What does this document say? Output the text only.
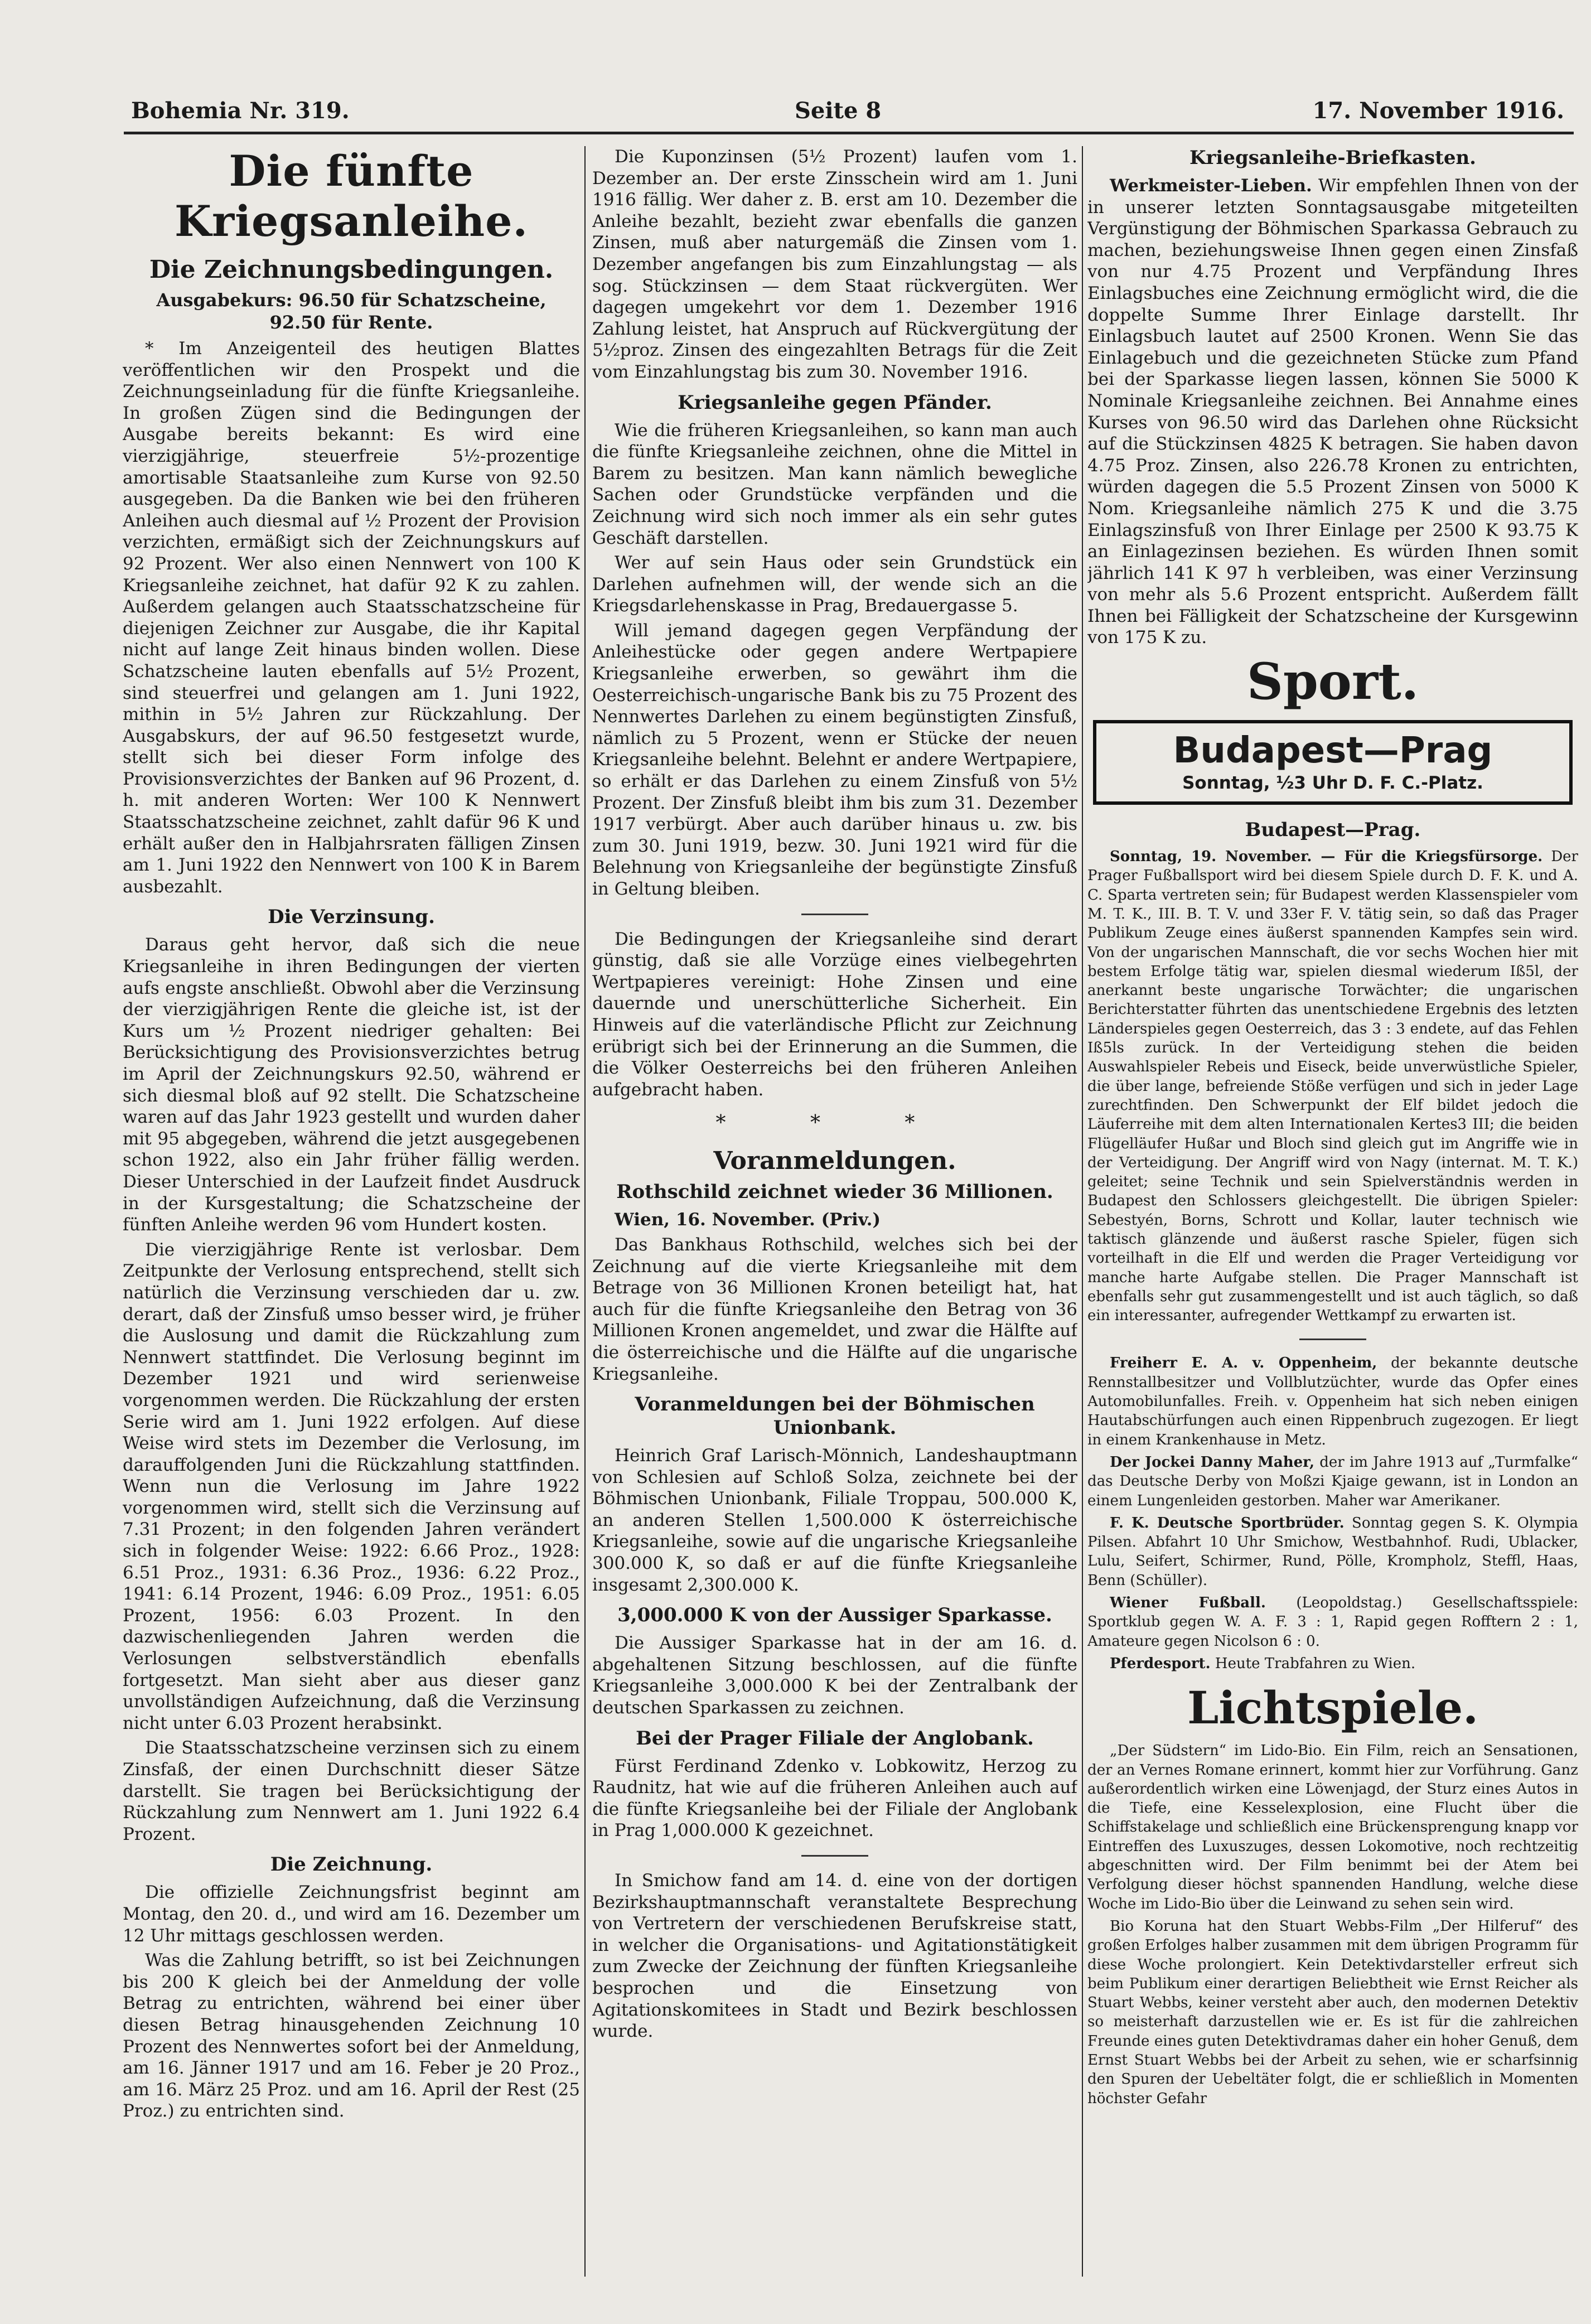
Bohemia Nr. 319.	Seite 8	17. November 1916.
Die fünfte Kriegsanleihe.
Die Zeichnungsbedingungen.
Ausgabekurs: 96.50 für Schatzscheine,
92.50 für Rente.

* Im Anzeigenteil des heutigen Blattes veröffentlichen wir den Prospekt und die Zeichnungseinladung für die fünfte Kriegsanleihe. In großen Zügen sind die Bedingungen der Ausgabe bereits bekannt: Es wird eine vierzigjährige, steuerfreie 5½-prozentige amortisable Staatsanleihe zum Kurse von 92.50 ausgegeben. Da die Banken wie bei den früheren Anleihen auch diesmal auf ½ Prozent der Provision verzichten, ermäßigt sich der Zeichnungskurs auf 92 Prozent. Wer also einen Nennwert von 100 K Kriegsanleihe zeichnet, hat dafür 92 K zu zahlen. Außerdem gelangen auch Staatsschatzscheine für diejenigen Zeichner zur Ausgabe, die ihr Kapital nicht auf lange Zeit hinaus binden wollen. Diese Schatzscheine lauten ebenfalls auf 5½ Prozent, sind steuerfrei und gelangen am 1. Juni 1922, mithin in 5½ Jahren zur Rückzahlung. Der Ausgabskurs, der auf 96.50 festgesetzt wurde, stellt sich bei dieser Form infolge des Provisionsverzichtes der Banken auf 96 Prozent, d. h. mit anderen Worten: Wer 100 K Nennwert Staatsschatzscheine zeichnet, zahlt dafür 96 K und erhält außer den in Halbjahrsraten fälligen Zinsen am 1. Juni 1922 den Nennwert von 100 K in Barem ausbezahlt.

Die Verzinsung.

Daraus geht hervor, daß sich die neue Kriegsanleihe in ihren Bedingungen der vierten aufs engste anschließt. Obwohl aber die Verzinsung der vierzigjährigen Rente die gleiche ist, ist der Kurs um ½ Prozent niedriger gehalten: Bei Berücksichtigung des Provisionsverzichtes betrug im April der Zeichnungskurs 92.50, während er sich diesmal bloß auf 92 stellt. Die Schatzscheine waren auf das Jahr 1923 gestellt und wurden daher mit 95 abgegeben, während die jetzt ausgegebenen schon 1922, also ein Jahr früher fällig werden. Dieser Unterschied in der Laufzeit findet Ausdruck in der Kursgestaltung; die Schatzscheine der fünften Anleihe werden 96 vom Hundert kosten.

Die vierzigjährige Rente ist verlosbar. Dem Zeitpunkte der Verlosung entsprechend, stellt sich natürlich die Verzinsung verschieden dar u. zw. derart, daß der Zinsfuß umso besser wird, je früher die Auslosung und damit die Rückzahlung zum Nennwert stattfindet. Die Verlosung beginnt im Dezember 1921 und wird serienweise vorgenommen werden. Die Rückzahlung der ersten Serie wird am 1. Juni 1922 erfolgen. Auf diese Weise wird stets im Dezember die Verlosung, im darauffolgenden Juni die Rückzahlung stattfinden. Wenn nun die Verlosung im Jahre 1922 vorgenommen wird, stellt sich die Verzinsung auf 7.31 Prozent; in den folgenden Jahren verändert sich in folgender Weise: 1922: 6.66 Proz., 1928: 6.51 Proz., 1931: 6.36 Proz., 1936: 6.22 Proz., 1941: 6.14 Prozent, 1946: 6.09 Proz., 1951: 6.05 Prozent, 1956: 6.03 Prozent. In den dazwischenliegenden Jahren werden die Verlosungen selbstverständlich ebenfalls fortgesetzt. Man sieht aber aus dieser ganz unvollständigen Aufzeichnung, daß die Verzinsung nicht unter 6.03 Prozent herabsinkt.

Die Staatsschatzscheine verzinsen sich zu einem Zinsfaß, der einen Durchschnitt dieser Sätze darstellt. Sie tragen bei Berücksichtigung der Rückzahlung zum Nennwert am 1. Juni 1922 6.4 Prozent.

Die Zeichnung.

Die offizielle Zeichnungsfrist beginnt am Montag, den 20. d., und wird am 16. Dezember um 12 Uhr mittags geschlossen werden.

Was die Zahlung betrifft, so ist bei Zeichnungen bis 200 K gleich bei der Anmeldung der volle Betrag zu entrichten, während bei einer über diesen Betrag hinausgehenden Zeichnung 10 Prozent des Nennwertes sofort bei der Anmeldung, am 16. Jänner 1917 und am 16. Feber je 20 Proz., am 16. März 25 Proz. und am 16. April der Rest (25 Proz.) zu entrichten sind.

Die Kuponzinsen (5½ Prozent) laufen vom 1. Dezember an. Der erste Zinsschein wird am 1. Juni 1916 fällig. Wer daher z. B. erst am 10. Dezember die Anleihe bezahlt, bezieht zwar ebenfalls die ganzen Zinsen, muß aber naturgemäß die Zinsen vom 1. Dezember angefangen bis zum Einzahlungstag — als sog. Stückzinsen — dem Staat rückvergüten. Wer dagegen umgekehrt vor dem 1. Dezember 1916 Zahlung leistet, hat Anspruch auf Rückvergütung der 5½proz. Zinsen des eingezahlten Betrags für die Zeit vom Einzahlungstag bis zum 30. November 1916.

Kriegsanleihe gegen Pfänder.

Wie die früheren Kriegsanleihen, so kann man auch die fünfte Kriegsanleihe zeichnen, ohne die Mittel in Barem zu besitzen. Man kann nämlich bewegliche Sachen oder Grundstücke verpfänden und die Zeichnung wird sich noch immer als ein sehr gutes Geschäft darstellen.

Wer auf sein Haus oder sein Grundstück ein Darlehen aufnehmen will, der wende sich an die Kriegsdarlehenskasse in Prag, Bredauergasse 5.

Will jemand dagegen gegen Verpfändung der Anleihestücke oder gegen andere Wertpapiere Kriegsanleihe erwerben, so gewährt ihm die Oesterreichisch-ungarische Bank bis zu 75 Prozent des Nennwertes Darlehen zu einem begünstigten Zinsfuß, nämlich zu 5 Prozent, wenn er Stücke der neuen Kriegsanleihe belehnt. Belehnt er andere Wertpapiere, so erhält er das Darlehen zu einem Zinsfuß von 5½ Prozent. Der Zinsfuß bleibt ihm bis zum 31. Dezember 1917 verbürgt. Aber auch darüber hinaus u. zw. bis zum 30. Juni 1919, bezw. 30. Juni 1921 wird für die Belehnung von Kriegsanleihe der begünstigte Zinsfuß in Geltung bleiben.

Die Bedingungen der Kriegsanleihe sind derart günstig, daß sie alle Vorzüge eines vielbegehrten Wertpapieres vereinigt: Hohe Zinsen und eine dauernde und unerschütterliche Sicherheit. Ein Hinweis auf die vaterländische Pflicht zur Zeichnung erübrigt sich bei der Erinnerung an die Summen, die die Völker Oesterreichs bei den früheren Anleihen aufgebracht haben.

* * *
Voranmeldungen.
Rothschild zeichnet wieder 36 Millionen.

Wien, 16. November. (Priv.)

Das Bankhaus Rothschild, welches sich bei der Zeichnung auf die vierte Kriegsanleihe mit dem Betrage von 36 Millionen Kronen beteiligt hat, hat auch für die fünfte Kriegsanleihe den Betrag von 36 Millionen Kronen angemeldet, und zwar die Hälfte auf die österreichische und die Hälfte auf die ungarische Kriegsanleihe.

Voranmeldungen bei der Böhmischen Unionbank.

Heinrich Graf Larisch-Mönnich, Landeshauptmann von Schlesien auf Schloß Solza, zeichnete bei der Böhmischen Unionbank, Filiale Troppau, 500.000 K, an anderen Stellen 1,500.000 K österreichische Kriegsanleihe, sowie auf die ungarische Kriegsanleihe 300.000 K, so daß er auf die fünfte Kriegsanleihe insgesamt 2,300.000 K.

3,000.000 K von der Aussiger Sparkasse.

Die Aussiger Sparkasse hat in der am 16. d. abgehaltenen Sitzung beschlossen, auf die fünfte Kriegsanleihe 3,000.000 K bei der Zentralbank der deutschen Sparkassen zu zeichnen.

Bei der Prager Filiale der Anglobank.

Fürst Ferdinand Zdenko v. Lobkowitz, Herzog zu Raudnitz, hat wie auf die früheren Anleihen auch auf die fünfte Kriegsanleihe bei der Filiale der Anglobank in Prag 1,000.000 K gezeichnet.

In Smichow fand am 14. d. eine von der dortigen Bezirkshauptmannschaft veranstaltete Besprechung von Vertretern der verschiedenen Berufskreise statt, in welcher die Organisations- und Agitationstätigkeit zum Zwecke der Zeichnung der fünften Kriegsanleihe besprochen und die Einsetzung von Agitationskomitees in Stadt und Bezirk beschlossen wurde.

Kriegsanleihe-Briefkasten.

Werkmeister-Lieben. Wir empfehlen Ihnen von der in unserer letzten Sonntagsausgabe mitgeteilten Vergünstigung der Böhmischen Sparkassa Gebrauch zu machen, beziehungsweise Ihnen gegen einen Zinsfaß von nur 4.75 Prozent und Verpfändung Ihres Einlagsbuches eine Zeichnung ermöglicht wird, die die doppelte Summe Ihrer Einlage darstellt. Ihr Einlagsbuch lautet auf 2500 Kronen. Wenn Sie das Einlagebuch und die gezeichneten Stücke zum Pfand bei der Sparkasse liegen lassen, können Sie 5000 K Nominale Kriegsanleihe zeichnen. Bei Annahme eines Kurses von 96.50 wird das Darlehen ohne Rücksicht auf die Stückzinsen 4825 K betragen. Sie haben davon 4.75 Proz. Zinsen, also 226.78 Kronen zu entrichten, würden dagegen die 5.5 Prozent Zinsen von 5000 K Nom. Kriegsanleihe nämlich 275 K und die 3.75 Einlagszinsfuß von Ihrer Einlage per 2500 K 93.75 K an Einlagezinsen beziehen. Es würden Ihnen somit jährlich 141 K 97 h verbleiben, was einer Verzinsung von mehr als 5.6 Prozent entspricht. Außerdem fällt Ihnen bei Fälligkeit der Schatzscheine der Kursgewinn von 175 K zu.

Sport.
Budapest—Prag
Sonntag, ½3 Uhr D. F. C.-Platz.
Budapest—Prag.

Sonntag, 19. November. — Für die Kriegsfürsorge. Der Prager Fußballsport wird bei diesem Spiele durch D. F. K. und A. C. Sparta vertreten sein; für Budapest werden Klassenspieler vom M. T. K., III. B. T. V. und 33er F. V. tätig sein, so daß das Prager Publikum Zeuge eines äußerst spannenden Kampfes sein wird. Von der ungarischen Mannschaft, die vor sechs Wochen hier mit bestem Erfolge tätig war, spielen diesmal wiederum Iß5l, der anerkannt beste ungarische Torwächter; die ungarischen Berichterstatter führten das unentschiedene Ergebnis des letzten Länderspieles gegen Oesterreich, das 3 : 3 endete, auf das Fehlen Iß5ls zurück. In der Verteidigung stehen die beiden Auswahlspieler Rebeis und Eiseck, beide unverwüstliche Spieler, die über lange, befreiende Stöße verfügen und sich in jeder Lage zurechtfinden. Den Schwerpunkt der Elf bildet jedoch die Läuferreihe mit dem alten Internationalen Kertes3 III; die beiden Flügelläufer Hußar und Bloch sind gleich gut im Angriffe wie in der Verteidigung. Der Angriff wird von Nagy (internat. M. T. K.) geleitet; seine Technik und sein Spielverständnis werden in Budapest den Schlossers gleichgestellt. Die übrigen Spieler: Sebestyén, Borns, Schrott und Kollar, lauter technisch wie taktisch glänzende und äußerst rasche Spieler, fügen sich vorteilhaft in die Elf und werden die Prager Verteidigung vor manche harte Aufgabe stellen. Die Prager Mannschaft ist ebenfalls sehr gut zusammengestellt und ist auch täglich, so daß ein interessanter, aufregender Wettkampf zu erwarten ist.

Freiherr E. A. v. Oppenheim, der bekannte deutsche Rennstallbesitzer und Vollblutzüchter, wurde das Opfer eines Automobilunfalles. Freih. v. Oppenheim hat sich neben einigen Hautabschürfungen auch einen Rippenbruch zugezogen. Er liegt in einem Krankenhause in Metz.

Der Jockei Danny Maher, der im Jahre 1913 auf „Turmfalke“ das Deutsche Derby von Moßzi Kjaige gewann, ist in London an einem Lungenleiden gestorben. Maher war Amerikaner.

F. K. Deutsche Sportbrüder. Sonntag gegen S. K. Olympia Pilsen. Abfahrt 10 Uhr Smichow, Westbahnhof. Rudi, Ublacker, Lulu, Seifert, Schirmer, Rund, Pölle, Krompholz, Steffl, Haas, Benn (Schüller).

Wiener Fußball. (Leopoldstag.) Gesellschaftsspiele: Sportklub gegen W. A. F. 3 : 1, Rapid gegen Rofftern 2 : 1, Amateure gegen Nicolson 6 : 0.

Pferdesport. Heute Trabfahren zu Wien.

Lichtspiele.

„Der Südstern“ im Lido-Bio. Ein Film, reich an Sensationen, der an Vernes Romane erinnert, kommt hier zur Vorführung. Ganz außerordentlich wirken eine Löwenjagd, der Sturz eines Autos in die Tiefe, eine Kesselexplosion, eine Flucht über die Schiffstakelage und schließlich eine Brückensprengung knapp vor Eintreffen des Luxuszuges, dessen Lokomotive, noch rechtzeitig abgeschnitten wird. Der Film benimmt bei der Atem bei Verfolgung dieser höchst spannenden Handlung, welche diese Woche im Lido-Bio über die Leinwand zu sehen sein wird.

Bio Koruna hat den Stuart Webbs-Film „Der Hilferuf“ des großen Erfolges halber zusammen mit dem übrigen Programm für diese Woche prolongiert. Kein Detektivdarsteller erfreut sich beim Publikum einer derartigen Beliebtheit wie Ernst Reicher als Stuart Webbs, keiner versteht aber auch, den modernen Detektiv so meisterhaft darzustellen wie er. Es ist für die zahlreichen Freunde eines guten Detektivdramas daher ein hoher Genuß, dem Ernst Stuart Webbs bei der Arbeit zu sehen, wie er scharfsinnig den Spuren der Uebeltäter folgt, die er schließlich in Momenten höchster Gefahr
